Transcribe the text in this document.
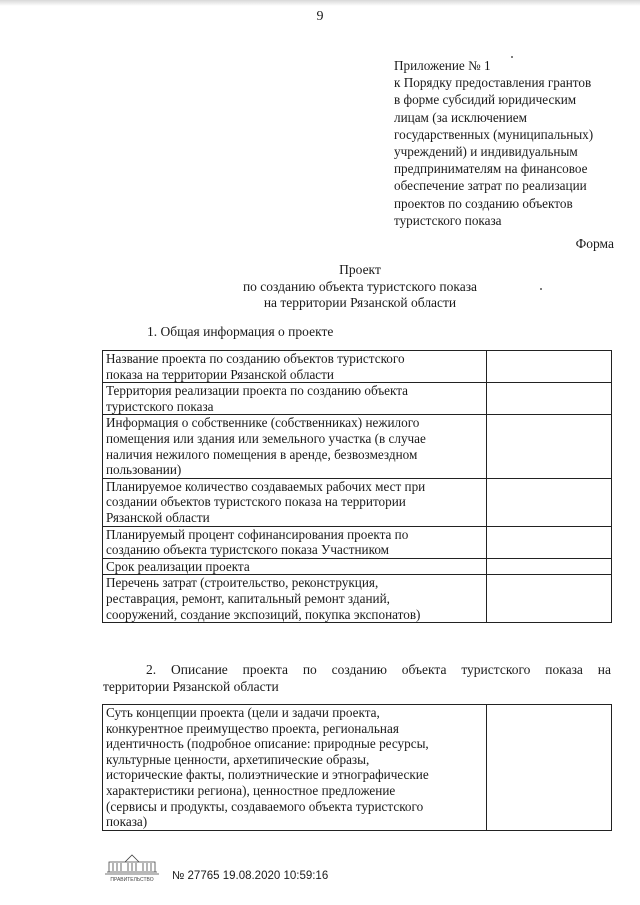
9
Приложение № 1
к Порядку предоставления грантов
в форме субсидий юридическим
лицам (за исключением
государственных (муниципальных)
учреждений) и индивидуальным
предпринимателям на финансовое
обеспечение затрат по реализации
проектов по созданию объектов
туристского показа
Форма
Проект
по созданию объекта туристского показа
на территории Рязанской области
1. Общая информация о проекте
Название проекта по созданию объектов туристского
показа на территории Рязанской области	

Территория реализации проекта по созданию объекта
туристского показа	

Информация о собственнике (собственниках) нежилого
помещения или здания или земельного участка (в случае
наличия нежилого помещения в аренде, безвозмездном
пользовании)	

Планируемое количество создаваемых рабочих мест при
создании объектов туристского показа на территории
Рязанской области	

Планируемый процент софинансирования проекта по
созданию объекта туристского показа Участником	

Срок реализации проекта	

Перечень затрат (строительство, реконструкция,
реставрация, ремонт, капитальный ремонт зданий,
сооружений, создание экспозиций, покупка экспонатов)	

2. Описание проекта по созданию объекта туристского показа на
территории Рязанской области
Суть концепции проекта (цели и задачи проекта,
конкурентное преимущество проекта, региональная
идентичность (подробное описание: природные ресурсы,
культурные ценности, архетипические образы,
исторические факты, полиэтнические и этнографические
характеристики региона), ценностное предложение
(сервисы и продукты, создаваемого объекта туристского
показа)

ПРАВИТЕЛЬСТВО № 27765 19.08.2020 10:59:16
